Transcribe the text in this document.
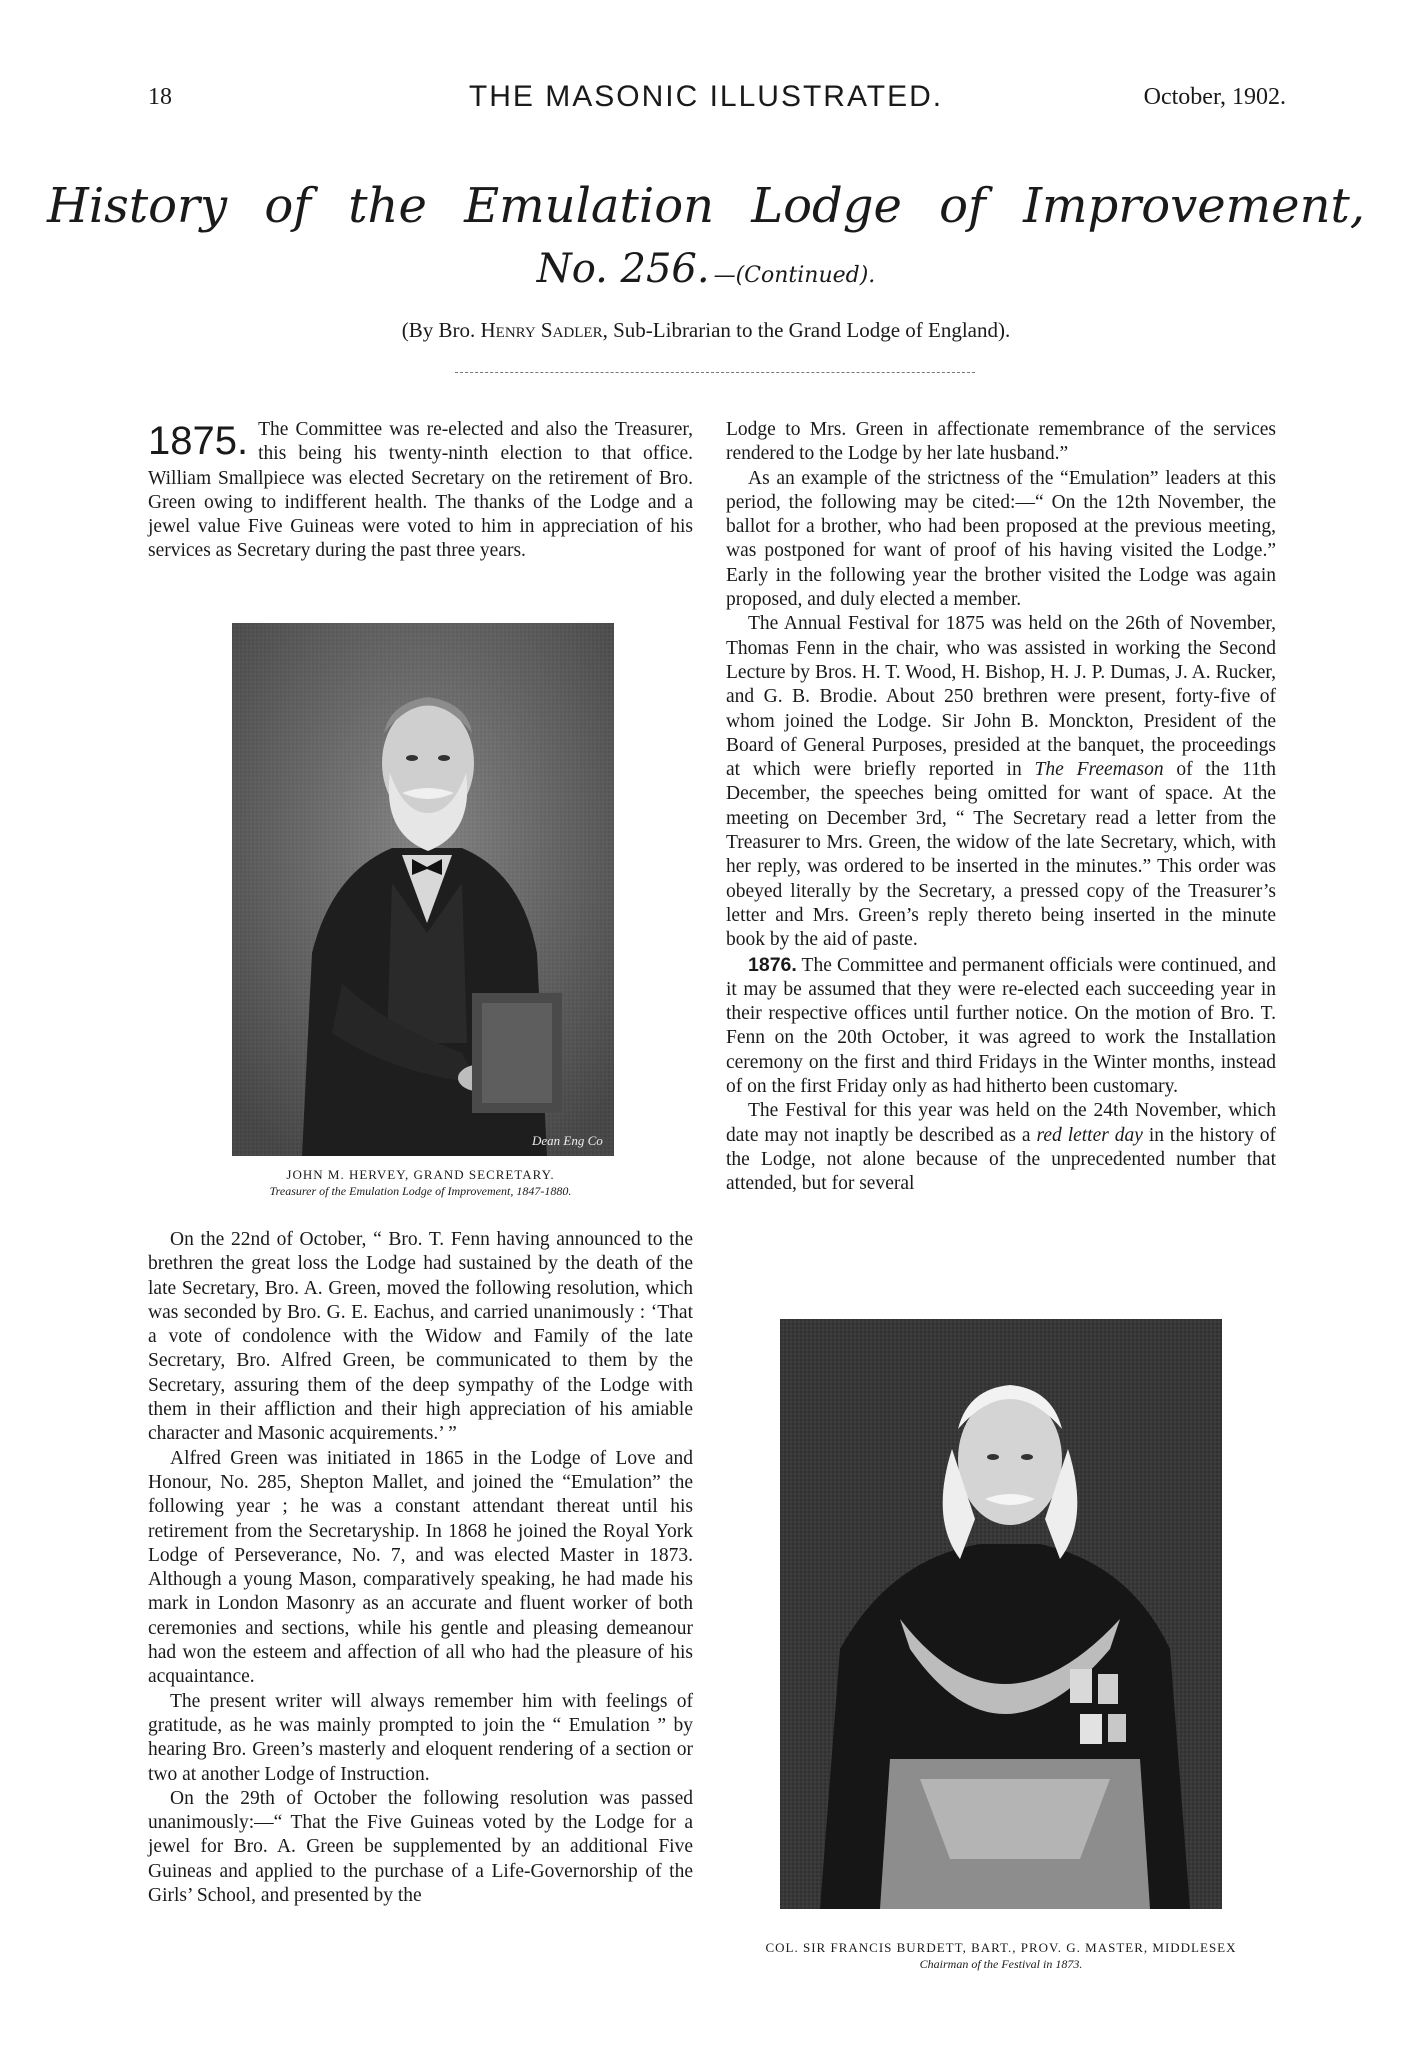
18	THE MASONIC ILLUSTRATED.	October, 1902.
History of the Emulation Lodge of Improvement,
No. 256. —(Continued).
(By Bro. Henry Sadler, Sub-Librarian to the Grand Lodge of England).
1875. The Committee was re-elected and also the Treasurer, this being his twenty-ninth election to that office. William Smallpiece was elected Secretary on the retirement of Bro. Green owing to indifferent health. The thanks of the Lodge and a jewel value Five Guineas were voted to him in appreciation of his services as Secretary during the past three years.

Dean Eng Co
JOHN M. HERVEY, GRAND SECRETARY.
Treasurer of the Emulation Lodge of Improvement, 1847-1880.

On the 22nd of October, “ Bro. T. Fenn having announced to the brethren the great loss the Lodge had sustained by the death of the late Secretary, Bro. A. Green, moved the following resolution, which was seconded by Bro. G. E. Eachus, and carried unanimously : ‘That a vote of condolence with the Widow and Family of the late Secretary, Bro. Alfred Green, be communicated to them by the Secretary, assuring them of the deep sympathy of the Lodge with them in their affliction and their high appreciation of his amiable character and Masonic acquirements.’ ”

Alfred Green was initiated in 1865 in the Lodge of Love and Honour, No. 285, Shepton Mallet, and joined the “Emulation” the following year ; he was a constant attendant thereat until his retirement from the Secretaryship. In 1868 he joined the Royal York Lodge of Perseverance, No. 7, and was elected Master in 1873. Although a young Mason, comparatively speaking, he had made his mark in London Masonry as an accurate and fluent worker of both ceremonies and sections, while his gentle and pleasing demeanour had won the esteem and affection of all who had the pleasure of his acquaintance.

The present writer will always remember him with feelings of gratitude, as he was mainly prompted to join the “ Emulation ” by hearing Bro. Green’s masterly and eloquent rendering of a section or two at another Lodge of Instruction.

On the 29th of October the following resolution was passed unanimously:—“ That the Five Guineas voted by the Lodge for a jewel for Bro. A. Green be supplemented by an additional Five Guineas and applied to the purchase of a Life-Governorship of the Girls’ School, and presented by the

Lodge to Mrs. Green in affectionate remembrance of the services rendered to the Lodge by her late husband.”

As an example of the strictness of the “Emulation” leaders at this period, the following may be cited:—“ On the 12th November, the ballot for a brother, who had been proposed at the previous meeting, was postponed for want of proof of his having visited the Lodge.” Early in the following year the brother visited the Lodge was again proposed, and duly elected a member.

The Annual Festival for 1875 was held on the 26th of November, Thomas Fenn in the chair, who was assisted in working the Second Lecture by Bros. H. T. Wood, H. Bishop, H. J. P. Dumas, J. A. Rucker, and G. B. Brodie. About 250 brethren were present, forty-five of whom joined the Lodge. Sir John B. Monckton, President of the Board of General Purposes, presided at the banquet, the proceedings at which were briefly reported in The Freemason of the 11th December, the speeches being omitted for want of space. At the meeting on December 3rd, “ The Secretary read a letter from the Treasurer to Mrs. Green, the widow of the late Secretary, which, with her reply, was ordered to be inserted in the minutes.” This order was obeyed literally by the Secretary, a pressed copy of the Treasurer’s letter and Mrs. Green’s reply thereto being inserted in the minute book by the aid of paste.

1876. The Committee and permanent officials were continued, and it may be assumed that they were re-elected each succeeding year in their respective offices until further notice. On the motion of Bro. T. Fenn on the 20th October, it was agreed to work the Installation ceremony on the first and third Fridays in the Winter months, instead of on the first Friday only as had hitherto been customary.

The Festival for this year was held on the 24th November, which date may not inaptly be described as a red letter day in the history of the Lodge, not alone because of the unprecedented number that attended, but for several

COL. SIR FRANCIS BURDETT, BART., PROV. G. MASTER, MIDDLESEX
Chairman of the Festival in 1873.
